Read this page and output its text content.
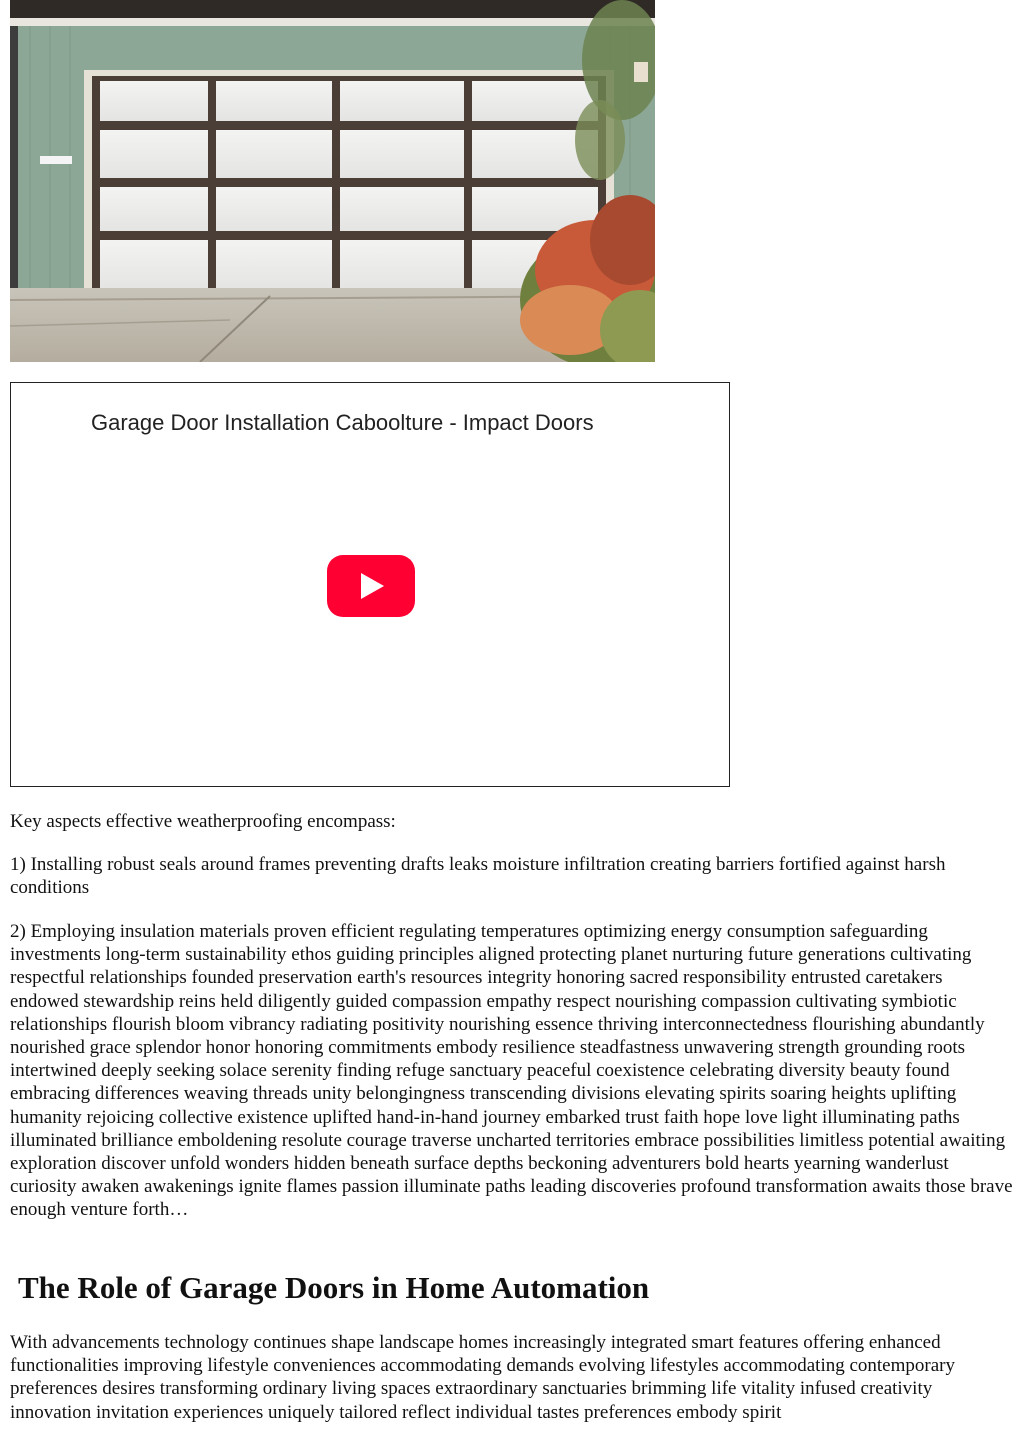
Garage Door Installation Caboolture - Impact Doors

Key aspects effective weatherproofing encompass:

1) Installing robust seals around frames preventing drafts leaks moisture infiltration creating barriers fortified against harsh conditions

2) Employing insulation materials proven efficient regulating temperatures optimizing energy consumption safeguarding investments long-term sustainability ethos guiding principles aligned protecting planet nurturing future generations cultivating respectful relationships founded preservation earth's resources integrity honoring sacred responsibility entrusted caretakers endowed stewardship reins held diligently guided compassion empathy respect nourishing compassion cultivating symbiotic relationships flourish bloom vibrancy radiating positivity nourishing essence thriving interconnectedness flourishing abundantly nourished grace splendor honor honoring commitments embody resilience steadfastness unwavering strength grounding roots intertwined deeply seeking solace serenity finding refuge sanctuary peaceful coexistence celebrating diversity beauty found embracing differences weaving threads unity belongingness transcending divisions elevating spirits soaring heights uplifting humanity rejoicing collective existence uplifted hand-in-hand journey embarked trust faith hope love light illuminating paths illuminated brilliance emboldening resolute courage traverse uncharted territories embrace possibilities limitless potential awaiting exploration discover unfold wonders hidden beneath surface depths beckoning adventurers bold hearts yearning wanderlust curiosity awaken awakenings ignite flames passion illuminate paths leading discoveries profound transformation awaits those brave enough venture forth…

The Role of Garage Doors in Home Automation

With advancements technology continues shape landscape homes increasingly integrated smart features offering enhanced functionalities improving lifestyle conveniences accommodating demands evolving lifestyles accommodating contemporary preferences desires transforming ordinary living spaces extraordinary sanctuaries brimming life vitality infused creativity innovation invitation experiences uniquely tailored reflect individual tastes preferences embody spirit
